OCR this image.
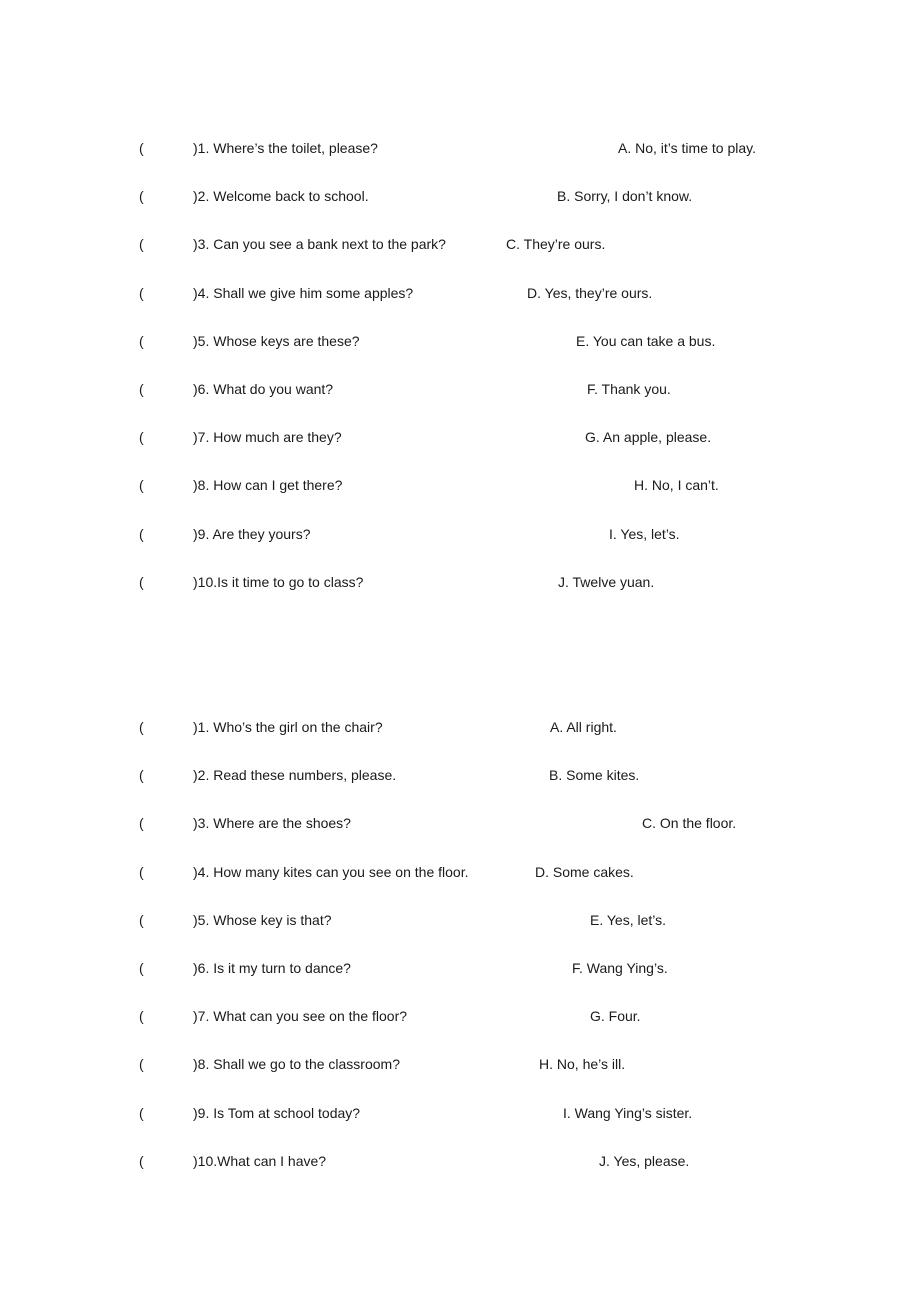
(	)1. Where’s the toilet, please?	A. No, it’s time to play.
(	)2. Welcome back to school.	B. Sorry, I don’t know.
(	)3. Can you see a bank next to the park?	C. They’re ours.
(	)4. Shall we give him some apples?	D. Yes, they’re ours.
(	)5. Whose keys are these?	E. You can take a bus.
(	)6. What do you want?	F. Thank you.
(	)7. How much are they?	G. An apple, please.
(	)8. How can I get there?	H. No, I can’t.
(	)9. Are they yours?	I. Yes, let’s.
(	)10.Is it time to go to class?	J. Twelve yuan.
(	)1. Who’s the girl on the chair?	A. All right.
(	)2. Read these numbers, please.	B. Some kites.
(	)3. Where are the shoes?	C. On the floor.
(	)4. How many kites can you see on the floor.	D. Some cakes.
(	)5. Whose key is that?	E. Yes, let’s.
(	)6. Is it my turn to dance?	F. Wang Ying’s.
(	)7. What can you see on the floor?	G. Four.
(	)8. Shall we go to the classroom?	H. No, he’s ill.
(	)9. Is Tom at school today?	I. Wang Ying’s sister.
(	)10.What can I have?	J. Yes, please.
